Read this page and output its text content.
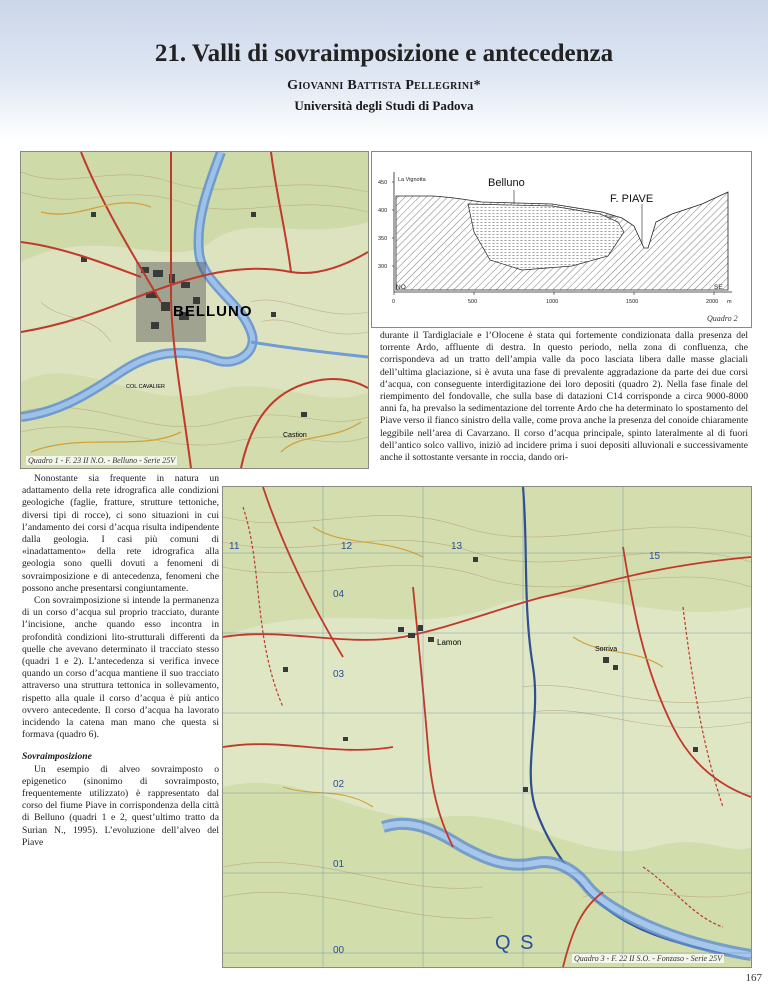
21. Valli di sovraimposizione e antecedenza
Giovanni Battista Pellegrini*
Università degli Studi di Padova
BELLUNO
Castion
COL CAVALIER
Quadro 1 - F. 23 II N.O. - Belluno - Serie 25V
450
400
350
300
0	500	1000	1500	2000 m
La Vignotta	Belluno
F. PIAVE
Quadro 2

durante il Tardiglaciale e l’Olocene è stata qui fortemente condizionata dalla presenza del torrente Ardo, affluente di destra. In questo periodo, nella zona di confluenza, che corrispondeva ad un tratto dell’ampia valle da poco lasciata libera dalle masse glaciali dell’ultima glaciazione, si è avuta una fase di prevalente aggradazione da parte dei due corsi d’acqua, con conseguente interdigitazione dei loro depositi (quadro 2). Nella fase finale del riempimento del fondovalle, che sulla base di datazioni C14 corrisponde a circa 9000-8000 anni fa, ha prevalso la sedimentazione del torrente Ardo che ha determinato lo spostamento del Piave verso il fianco sinistro della valle, come prova anche la presenza del conoide chiaramente leggibile nell’area di Cavarzano. Il corso d’acqua principale, spinto lateralmente al di fuori dell’antico solco vallivo, iniziò ad incidere prima i suoi depositi alluvionali e successivamente anche il sottostante versante in roccia, dando ori-

Nonostante sia frequente in natura un adattamento della rete idrografica alle condizioni geologiche (faglie, fratture, strutture tettoniche, diversi tipi di rocce), ci sono situazioni in cui l’andamento dei corsi d’acqua risulta indipendente dalla geologia. I casi più comuni di «inadattamento» della rete idrografica alla geologia sono quelli dovuti a fenomeni di sovraimposizione e di antecedenza, fenomeni che possono anche presentarsi congiuntamente.

Con sovraimposizione si intende la permanenza di un corso d’acqua sul proprio tracciato, durante l’incisione, anche quando esso incontra in profondità condizioni lito-strutturali differenti da quelle che avevano determinato il tracciato stesso (quadri 1 e 2). L’antecedenza si verifica invece quando un corso d’acqua mantiene il suo tracciato attraverso una struttura tettonica in sollevamento, rispetto alla quale il corso d’acqua è più antico ovvero antecedente. Il corso d’acqua ha lavorato incidendo la catena man mano che questa si formava (quadro 6).

Sovraimposizione

Un esempio di alveo sovraimposto o epigenetico (sinonimo di sovraimposto, frequentemente utilizzato) è rappresentato dal corso del fiume Piave in corrispondenza della città di Belluno (quadri 1 e 2, quest’ultimo tratto da Surian N., 1995). L’evoluzione dell’alveo del Piave

11	12	13
04
03
02
01
00
15
Q S
Lamon
Sorriva
Quadro 3 - F. 22 II S.O. - Fonzaso - Serie 25V
167
